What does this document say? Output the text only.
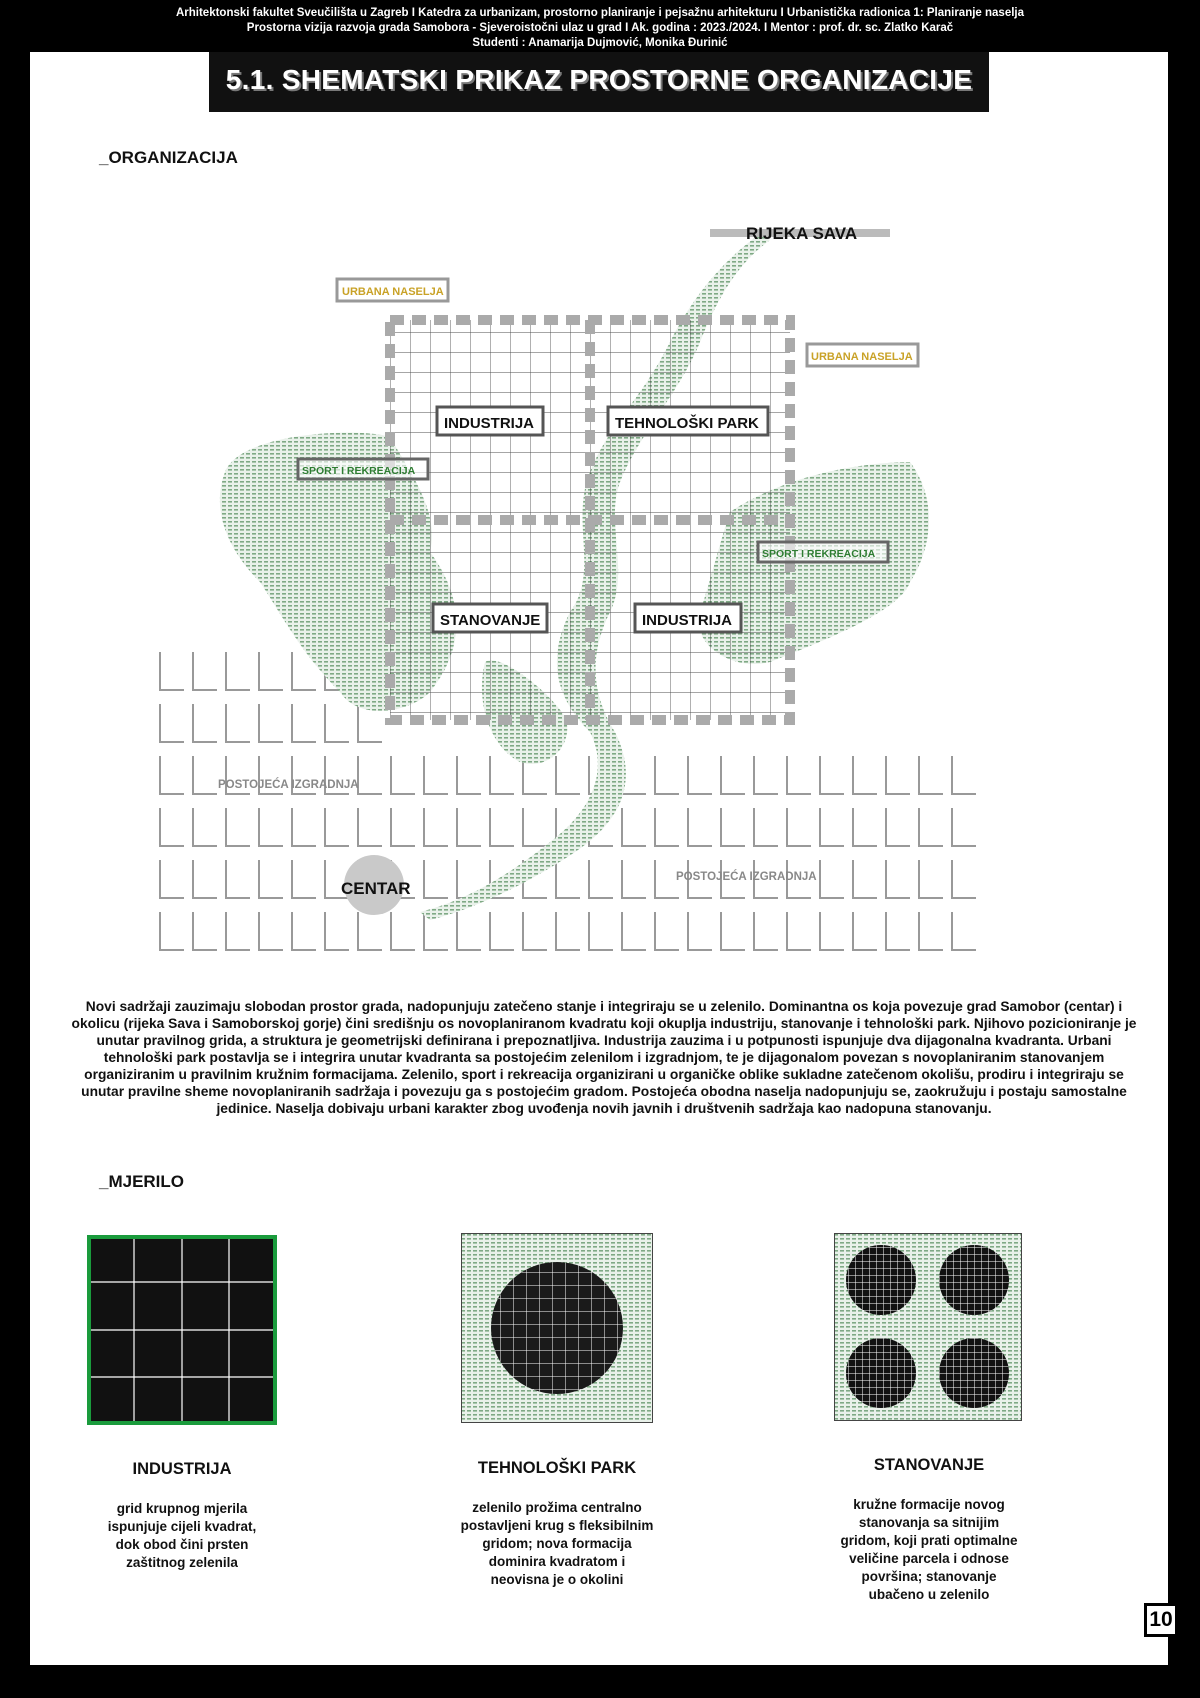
Arhitektonski fakultet Sveučilišta u Zagreb I Katedra za urbanizam, prostorno planiranje i pejsažnu arhitekturu I Urbanistička radionica 1: Planiranje naselja
Prostorna vizija razvoja grada Samobora - Sjeveroistočni ulaz u grad I Ak. godina : 2023./2024. I Mentor : prof. dr. sc. Zlatko Karač
Studenti : Anamarija Dujmović, Monika Đurinić
5.1. SHEMATSKI PRIKAZ PROSTORNE ORGANIZACIJE
_ORGANIZACIJA
RIJEKA SAVA
URBANA NASELJA
URBANA NASELJA
INDUSTRIJA	TEHNOLOŠKI PARK
SPORT I REKREACIJA
SPORT I REKREACIJA
STANOVANJE	INDUSTRIJA
POSTOJEĆA IZGRADNJA
POSTOJEĆA IZGRADNJA
CENTAR
Novi sadržaji zauzimaju slobodan prostor grada, nadopunjuju zatečeno stanje i integriraju se u zelenilo. Dominantna os koja povezuje grad Samobor (centar) i okolicu (rijeka Sava i Samoborskoj gorje) čini središnju os novoplaniranom kvadratu koji okuplja industriju, stanovanje i tehnološki park. Njihovo pozicioniranje je unutar pravilnog grida, a struktura je geometrijski definirana i prepoznatljiva. Industrija zauzima i u potpunosti ispunjuje dva dijagonalna kvadranta. Urbani tehnološki park postavlja se i integrira unutar kvadranta sa postojećim zelenilom i izgradnjom, te je dijagonalom povezan s novoplaniranim stanovanjem organiziranim u pravilnim kružnim formacijama. Zelenilo, sport i rekreacija organizirani u organičke oblike sukladne zatečenom okolišu, prodiru i integriraju se unutar pravilne sheme novoplaniranih sadržaja i povezuju ga s postojećim gradom. Postojeća obodna naselja nadopunjuju se, zaokružuju i postaju samostalne jedinice. Naselja dobivaju urbani karakter zbog uvođenja novih javnih i društvenih sadržaja kao nadopuna stanovanju.
_MJERILO
INDUSTRIJA
grid krupnog mjerila
ispunjuje cijeli kvadrat,
dok obod čini prsten
zaštitnog zelenila
TEHNOLOŠKI PARK
zelenilo prožima centralno
postavljeni krug s fleksibilnim
gridom; nova formacija
dominira kvadratom i
neovisna je o okolini
STANOVANJE
kružne formacije novog
stanovanja sa sitnijim
gridom, koji prati optimalne
veličine parcela i odnose
površina; stanovanje
ubačeno u zelenilo
10
